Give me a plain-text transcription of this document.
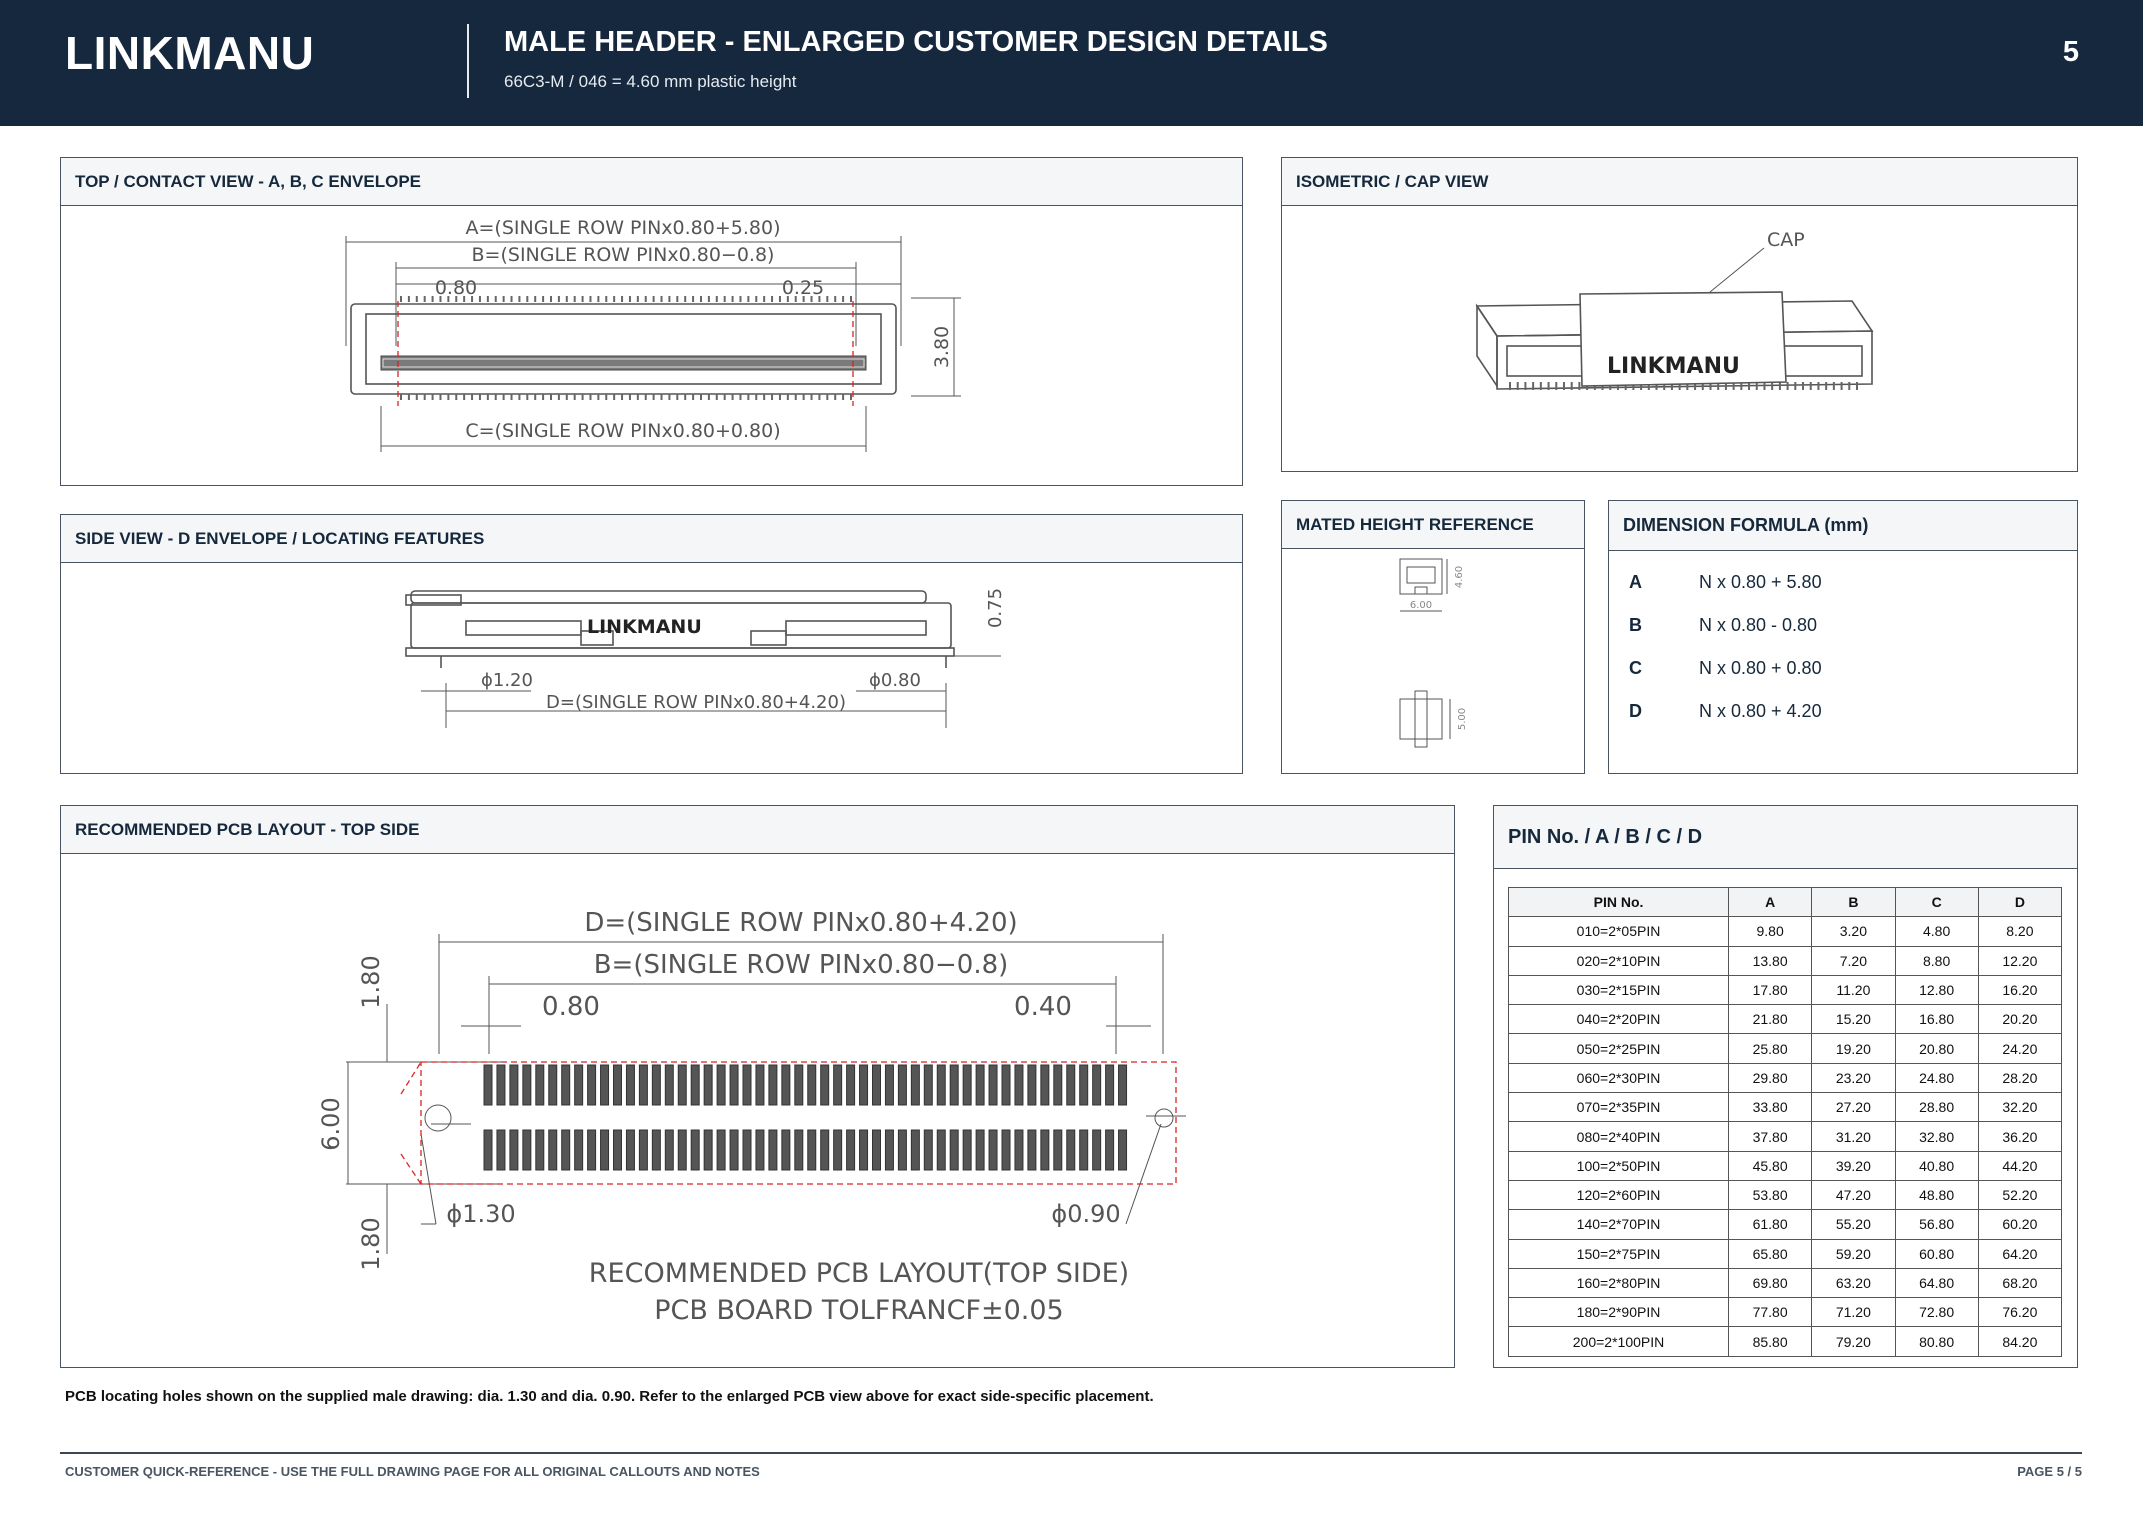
LINKMANU	MALE HEADER - ENLARGED CUSTOMER DESIGN DETAILS
66C3-M / 046 = 4.60 mm plastic height
5
TOP / CONTACT VIEW - A, B, C ENVELOPE
A=(SINGLE ROW PINx0.80+5.80)
B=(SINGLE ROW PINx0.80−0.8)
0.80	0.25
C=(SINGLE ROW PINx0.80+0.80)
3.80
ISOMETRIC / CAP VIEW
CAP
LINKMANU
SIDE VIEW - D ENVELOPE / LOCATING FEATURES
LINKMANU
ϕ1.20	ϕ0.80
D=(SINGLE ROW PINx0.80+4.20)
0.75
MATED HEIGHT REFERENCE
4.60
6.00
5.00
DIMENSION FORMULA (mm)
A	N x 0.80 + 5.80
B	N x 0.80 - 0.80
C	N x 0.80 + 0.80
D	N x 0.80 + 4.20
RECOMMENDED PCB LAYOUT - TOP SIDE
D=(SINGLE ROW PINx0.80+4.20)
B=(SINGLE ROW PINx0.80−0.8)
0.80	0.40
1.80
6.00
1.80
ϕ1.30	ϕ0.90
RECOMMENDED PCB LAYOUT(TOP SIDE)
PCB BOARD TOLFRANCF±0.05
PIN No. / A / B / C / D
PIN No.	A	B	C	D
010=2*05PIN	9.80	3.20	4.80	8.20
020=2*10PIN	13.80	7.20	8.80	12.20
030=2*15PIN	17.80	11.20	12.80	16.20
040=2*20PIN	21.80	15.20	16.80	20.20
050=2*25PIN	25.80	19.20	20.80	24.20
060=2*30PIN	29.80	23.20	24.80	28.20
070=2*35PIN	33.80	27.20	28.80	32.20
080=2*40PIN	37.80	31.20	32.80	36.20
100=2*50PIN	45.80	39.20	40.80	44.20
120=2*60PIN	53.80	47.20	48.80	52.20
140=2*70PIN	61.80	55.20	56.80	60.20
150=2*75PIN	65.80	59.20	60.80	64.20
160=2*80PIN	69.80	63.20	64.80	68.20
180=2*90PIN	77.80	71.20	72.80	76.20
200=2*100PIN	85.80	79.20	80.80	84.20
PCB locating holes shown on the supplied male drawing: dia. 1.30 and dia. 0.90. Refer to the enlarged PCB view above for exact side-specific placement.
CUSTOMER QUICK-REFERENCE - USE THE FULL DRAWING PAGE FOR ALL ORIGINAL CALLOUTS AND NOTES	PAGE 5 / 5
